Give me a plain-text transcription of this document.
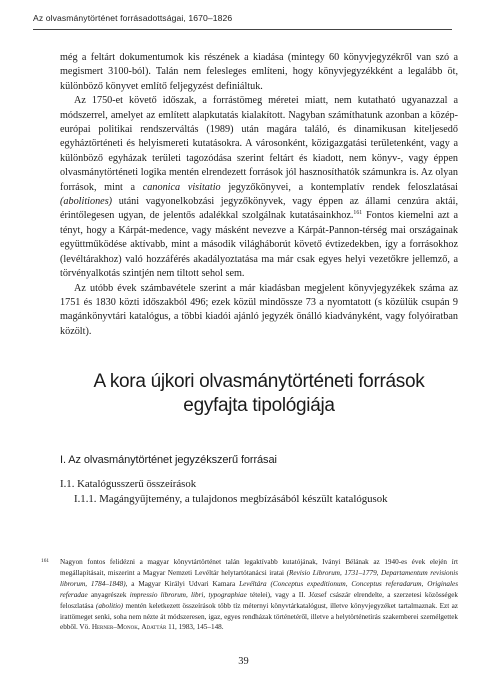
Az olvasmánytörténet forrásadottságai, 1670–1826

még a feltárt dokumentumok kis részének a kiadása (mintegy 60 könyvjegyzékről van szó a megismert 3100-ból). Talán nem felesleges említeni, hogy könyvjegyzékként a legalább öt, különböző könyvet említő feljegyzést definiáltuk.

Az 1750-et követő időszak, a forrástömeg méretei miatt, nem kutatható ugyanazzal a módszerrel, amelyet az említett alapkutatás kialakított. Nagyban számíthatunk azonban a közép-európai politikai rendszerváltás (1989) után magára találó, és dinamikusan kiteljesedő egyháztörténeti és helyismereti kutatásokra. A városonként, közigazgatási területenként, vagy a különböző egyházak területi tagozódása szerint feltárt és kiadott, nem könyv-, vagy éppen olvasmánytörténeti logika mentén elrendezett források jól hasznosíthatók számunkra is. Az olyan források, mint a canonica visitatio jegyzőkönyvei, a kontemplatív rendek feloszlatásai (abolitiones) utáni vagyonelkobzási jegyzőkönyvek, vagy éppen az állami cenzúra aktái, érintőlegesen ugyan, de jelentős adalékkal szolgálnak kutatásainkhoz.$^{161}$ Fontos kiemelni azt a tényt, hogy a Kárpát-medence, vagy másként nevezve a Kárpát-Pannon-térség mai országainak együttműködése aktívabb, mint a második világháborút követő évtizedekben, így a forrásokhoz (levéltárakhoz) való hozzáférés akadályoztatása ma már csak egyes helyi vezetőkre jellemző, a törvényalkotás szintjén nem tiltott sehol sem.

Az utóbb évek számbavétele szerint a már kiadásban megjelent könyvjegyzékek száma az 1751 és 1830 közti időszakból 496; ezek közül mindössze 73 a nyomtatott (s közülük csupán 9 magánkönyvtári katalógus, a többi kiadói ajánló jegyzék önálló kiadványként, vagy folyóiratban közölt).

A kora újkori olvasmánytörténeti források
egyfajta tipológiája
I. Az olvasmánytörténet jegyzékszerű forrásai
I.1. Katalógusszerű összeírások
I.1.1. Magángyűjtemény, a tulajdonos megbízásából készült katalógusok
161 Nagyon fontos felidézni a magyar könyvtártörténet talán legaktívabb kutatójának, Iványi Bélának az 1940-es évek elején írt megállapításait, miszerint a Magyar Nemzeti Levéltár helytartótanácsi iratai (Revisio Librorum, 1731–1779, Departamentum revisionis librorum, 1784–1848), a Magyar Királyi Udvari Kamara Levéltára (Conceptus expeditionum, Conceptus referadarum, Originales referadae anyagrészek impressio librorum, libri, typographiae tételei), vagy a II. József császár elrendelte, a szerzetesi közösségek feloszlatása (abolitio) mentén keletkezett összeírások több tíz méternyi könyvtárkatalógust, illetve könyvjegyzéket tartalmaznak. Ezt az irattömeget senki, soha nem nézte át módszeresen, igaz, egyes rendházak történetéről, illetve a helytörténetírás szakemberei személgettek ebből. Vö. Herner–Monok, Adattár 11, 1983, 145–148.
39
